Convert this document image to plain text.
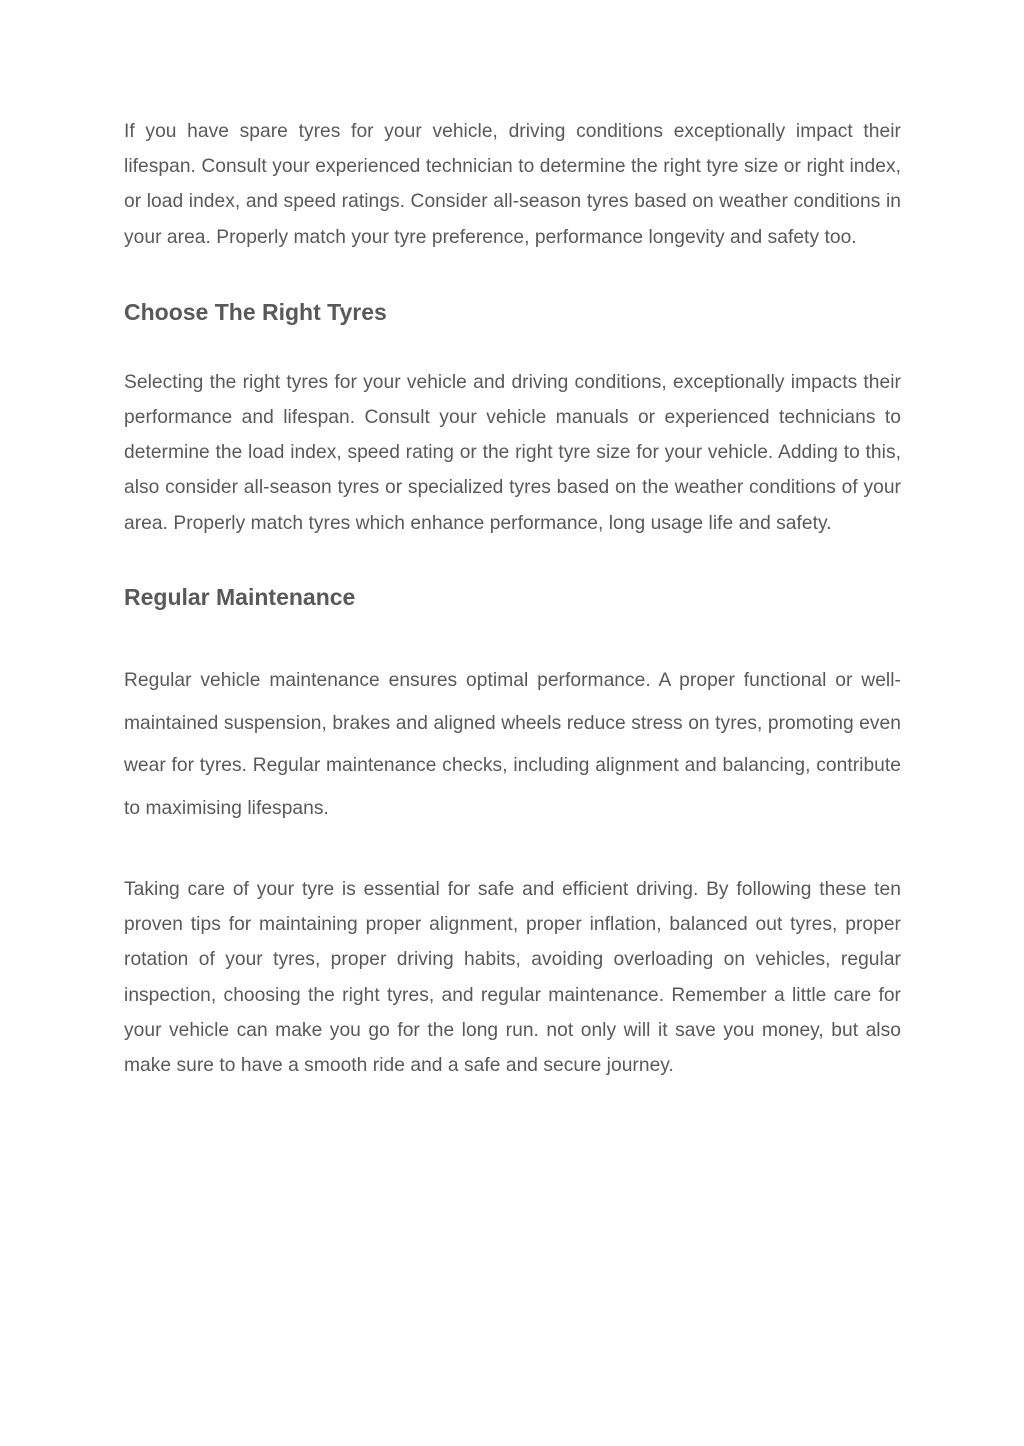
If you have spare tyres for your vehicle, driving conditions exceptionally impact their lifespan. Consult your experienced technician to determine the right tyre size or right index, or load index, and speed ratings. Consider all-season tyres based on weather conditions in your area. Properly match your tyre preference, performance longevity and safety too.

Choose The Right Tyres

Selecting the right tyres for your vehicle and driving conditions, exceptionally impacts their performance and lifespan. Consult your vehicle manuals or experienced technicians to determine the load index, speed rating or the right tyre size for your vehicle. Adding to this, also consider all-season tyres or specialized tyres based on the weather conditions of your area. Properly match tyres which enhance performance, long usage life and safety.

Regular Maintenance

Regular vehicle maintenance ensures optimal performance. A proper functional or well-maintained suspension, brakes and aligned wheels reduce stress on tyres, promoting even wear for tyres. Regular maintenance checks, including alignment and balancing, contribute to maximising lifespans.

Taking care of your tyre is essential for safe and efficient driving. By following these ten proven tips for maintaining proper alignment, proper inflation, balanced out tyres, proper rotation of your tyres, proper driving habits, avoiding overloading on vehicles, regular inspection, choosing the right tyres, and regular maintenance. Remember a little care for your vehicle can make you go for the long run. not only will it save you money, but also make sure to have a smooth ride and a safe and secure journey.
